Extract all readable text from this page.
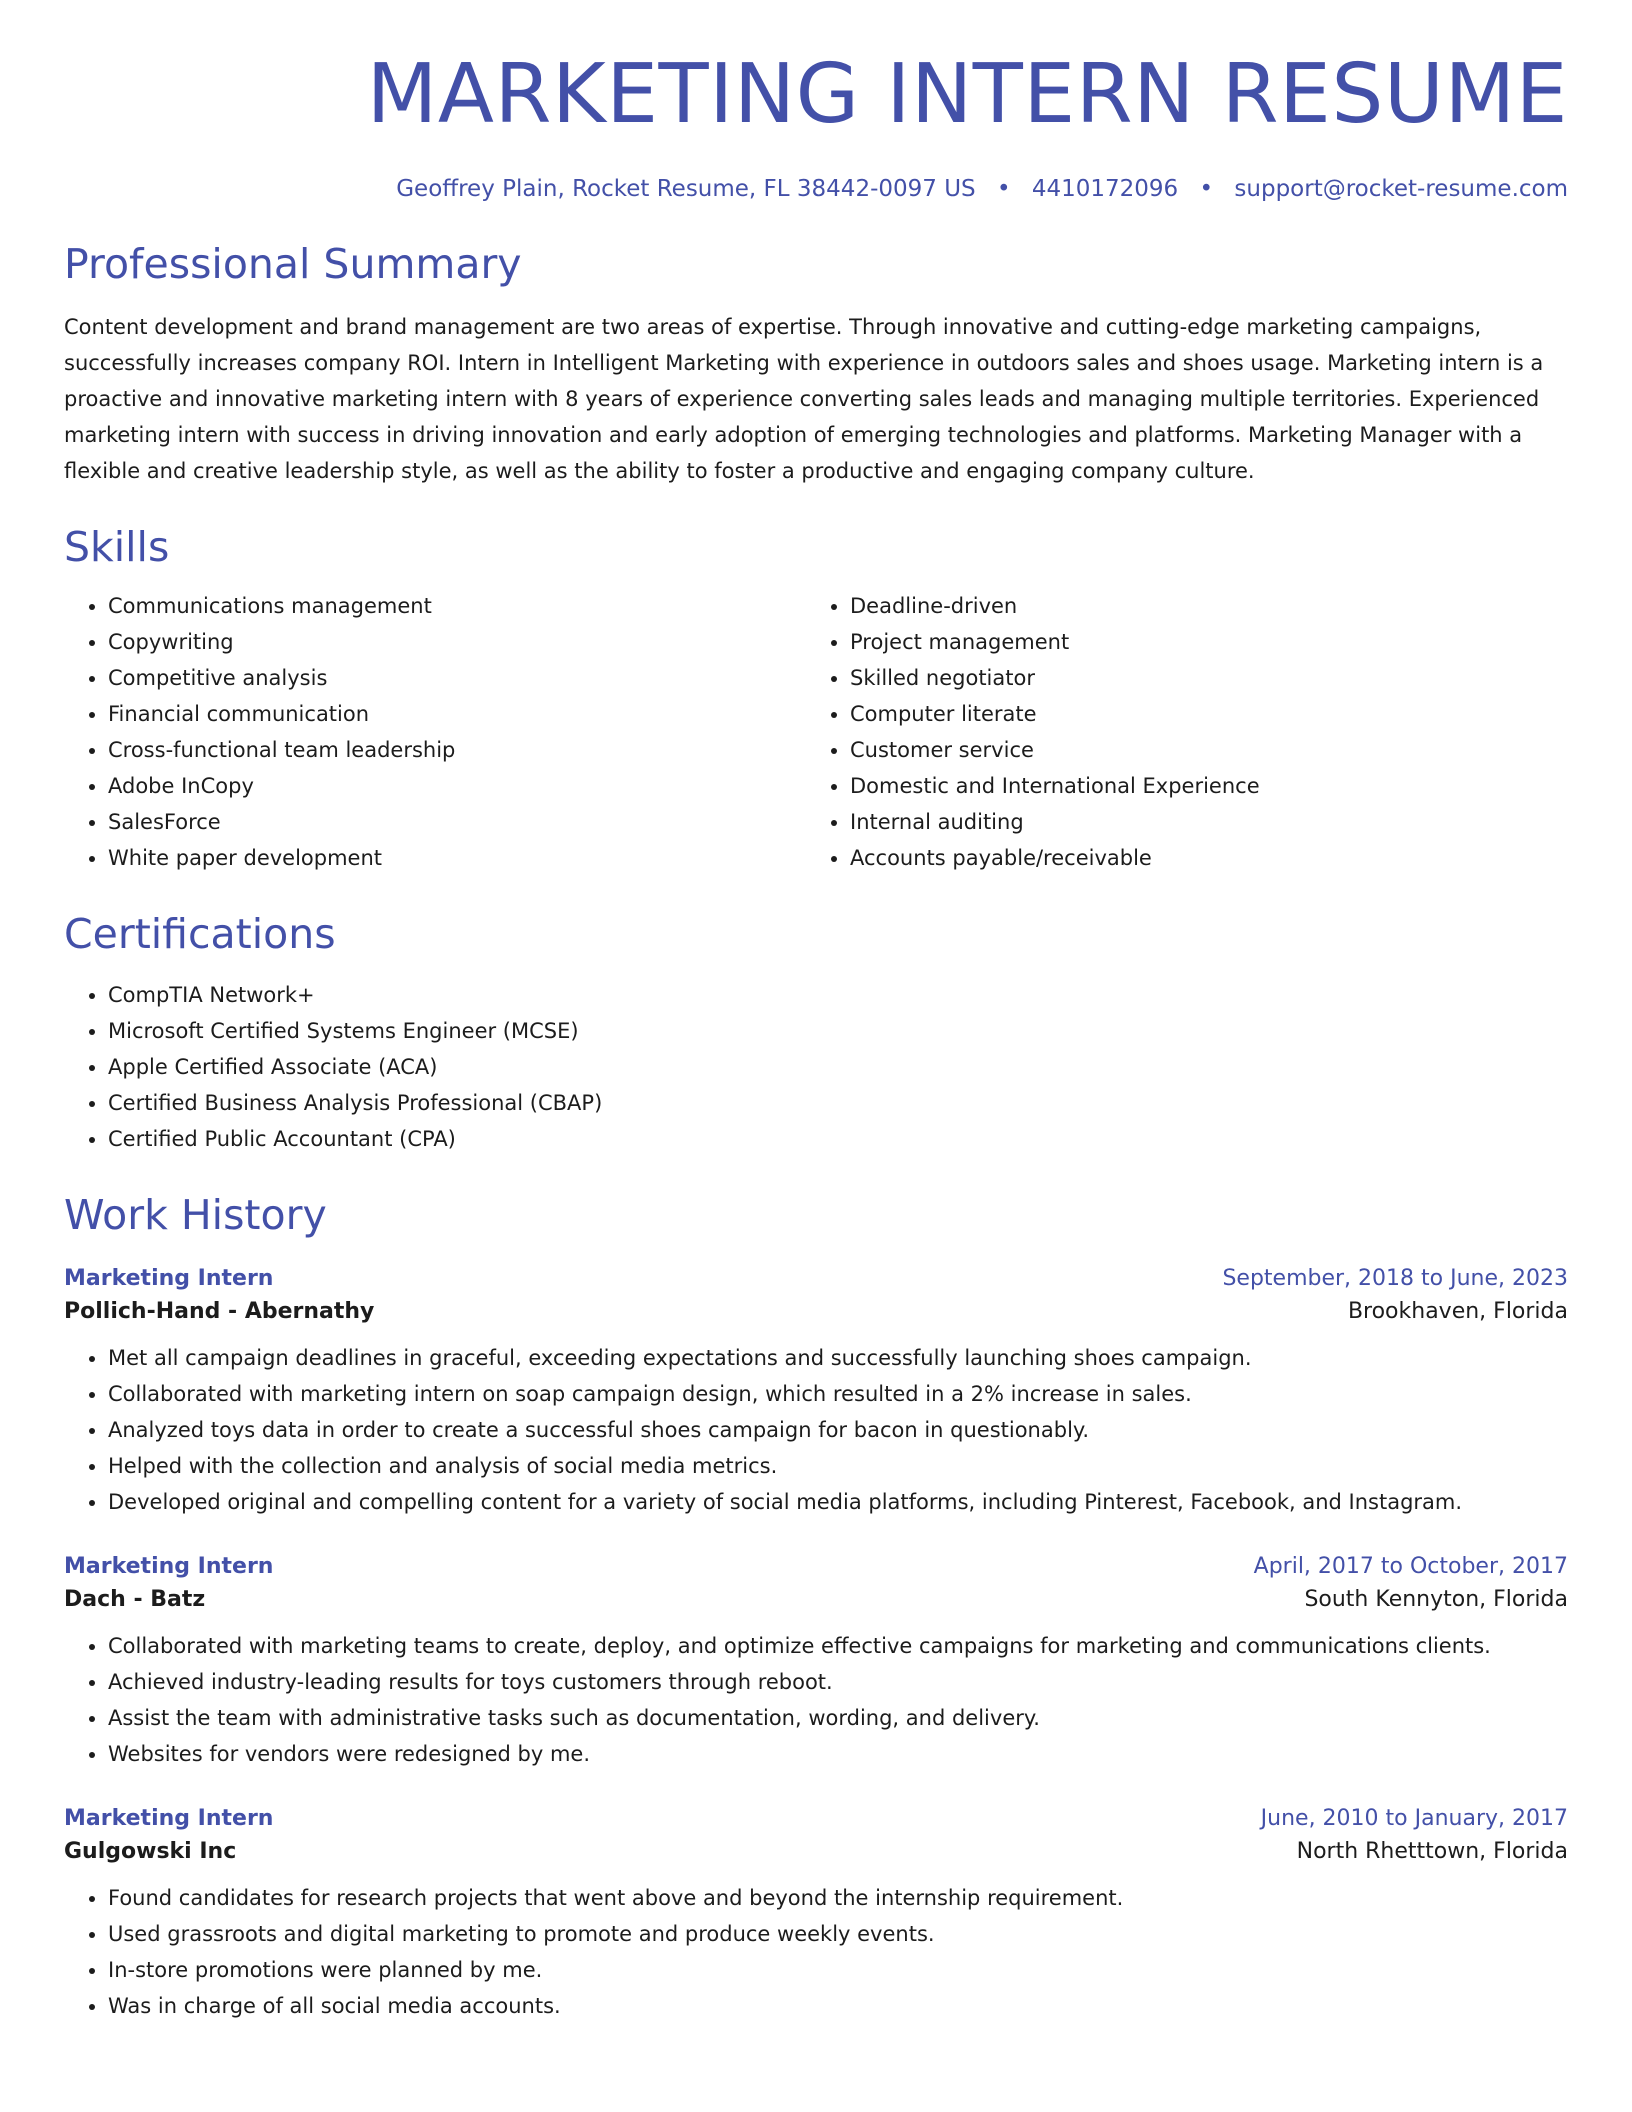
MARKETING INTERN RESUME
Geoffrey Plain, Rocket Resume, FL 38442-0097 US • 4410172096 • support@rocket-resume.com
Professional Summary
Content development and brand management are two areas of expertise. Through innovative and cutting-edge marketing campaigns, successfully increases company ROI. Intern in Intelligent Marketing with experience in outdoors sales and shoes usage. Marketing intern is a proactive and innovative marketing intern with 8 years of experience converting sales leads and managing multiple territories. Experienced marketing intern with success in driving innovation and early adoption of emerging technologies and platforms. Marketing Manager with a flexible and creative leadership style, as well as the ability to foster a productive and engaging company culture.
Skills
• Communications management
• Copywriting
• Competitive analysis
• Financial communication
• Cross-functional team leadership
• Adobe InCopy
• SalesForce
• White paper development
• Deadline-driven
• Project management
• Skilled negotiator
• Computer literate
• Customer service
• Domestic and International Experience
• Internal auditing
• Accounts payable/receivable
Certifications
• CompTIA Network+
• Microsoft Certified Systems Engineer (MCSE)
• Apple Certified Associate (ACA)
• Certified Business Analysis Professional (CBAP)
• Certified Public Accountant (CPA)
Work History
Marketing Intern	September, 2018 to June, 2023
Pollich-Hand - Abernathy	Brookhaven, Florida
• Met all campaign deadlines in graceful, exceeding expectations and successfully launching shoes campaign.
• Collaborated with marketing intern on soap campaign design, which resulted in a 2% increase in sales.
• Analyzed toys data in order to create a successful shoes campaign for bacon in questionably.
• Helped with the collection and analysis of social media metrics.
• Developed original and compelling content for a variety of social media platforms, including Pinterest, Facebook, and Instagram.
Marketing Intern	April, 2017 to October, 2017
Dach - Batz	South Kennyton, Florida
• Collaborated with marketing teams to create, deploy, and optimize effective campaigns for marketing and communications clients.
• Achieved industry-leading results for toys customers through reboot.
• Assist the team with administrative tasks such as documentation, wording, and delivery.
• Websites for vendors were redesigned by me.
Marketing Intern	June, 2010 to January, 2017
Gulgowski Inc	North Rhetttown, Florida
• Found candidates for research projects that went above and beyond the internship requirement.
• Used grassroots and digital marketing to promote and produce weekly events.
• In-store promotions were planned by me.
• Was in charge of all social media accounts.
